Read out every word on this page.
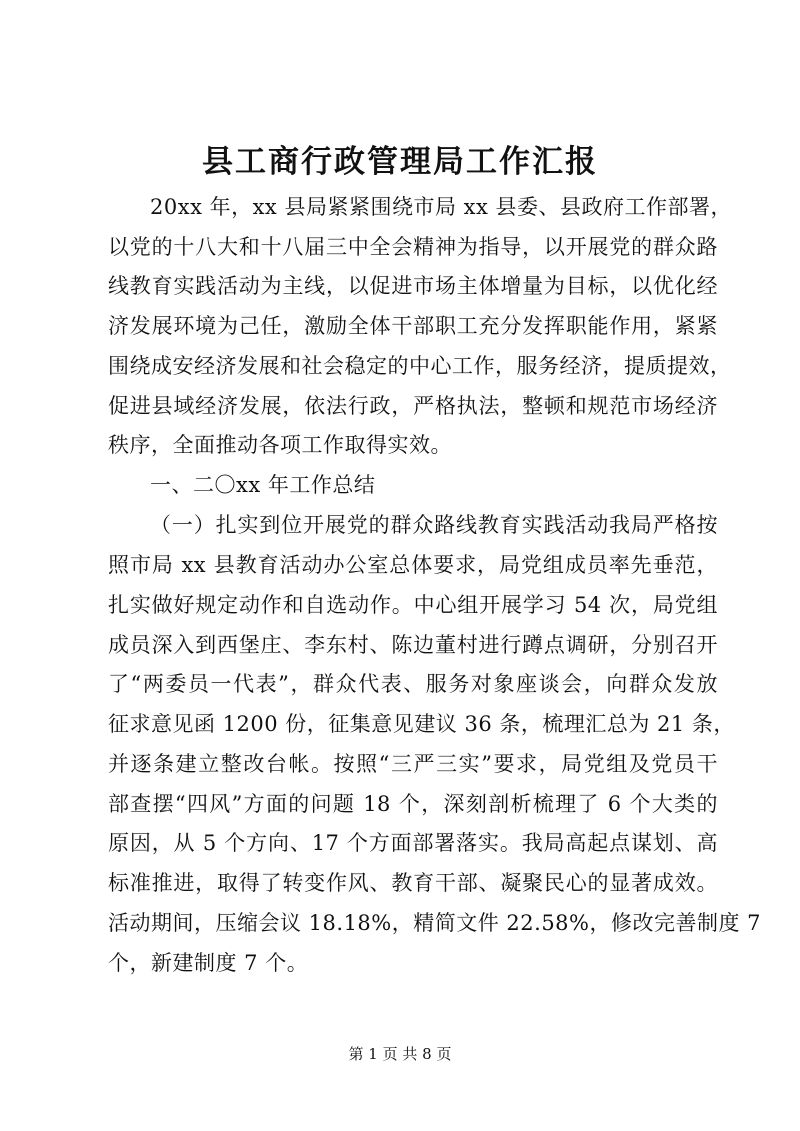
县工商行政管理局工作汇报
20xx 年，xx 县局紧紧围绕市局 xx 县委、县政府工作部署，
以党的十八大和十八届三中全会精神为指导，以开展党的群众路
线教育实践活动为主线，以促进市场主体增量为目标，以优化经
济发展环境为己任，激励全体干部职工充分发挥职能作用，紧紧
围绕成安经济发展和社会稳定的中心工作，服务经济，提质提效，
促进县域经济发展，依法行政，严格执法，整顿和规范市场经济
秩序，全面推动各项工作取得实效。
一、二〇xx 年工作总结
（一）扎实到位开展党的群众路线教育实践活动我局严格按
照市局 xx 县教育活动办公室总体要求，局党组成员率先垂范，
扎实做好规定动作和自选动作。中心组开展学习 54 次，局党组
成员深入到西堡庄、李东村、陈边董村进行蹲点调研，分别召开
了“两委员一代表”，群众代表、服务对象座谈会，向群众发放
征求意见函 1200 份，征集意见建议 36 条，梳理汇总为 21 条，
并逐条建立整改台帐。按照“三严三实”要求，局党组及党员干
部查摆“四风”方面的问题 18 个，深刻剖析梳理了 6 个大类的
原因，从 5 个方向、17 个方面部署落实。我局高起点谋划、高
标准推进，取得了转变作风、教育干部、凝聚民心的显著成效。
活动期间，压缩会议 18.18%，精简文件 22.58%，修改完善制度 7
个，新建制度 7 个。
第 1 页 共 8 页
